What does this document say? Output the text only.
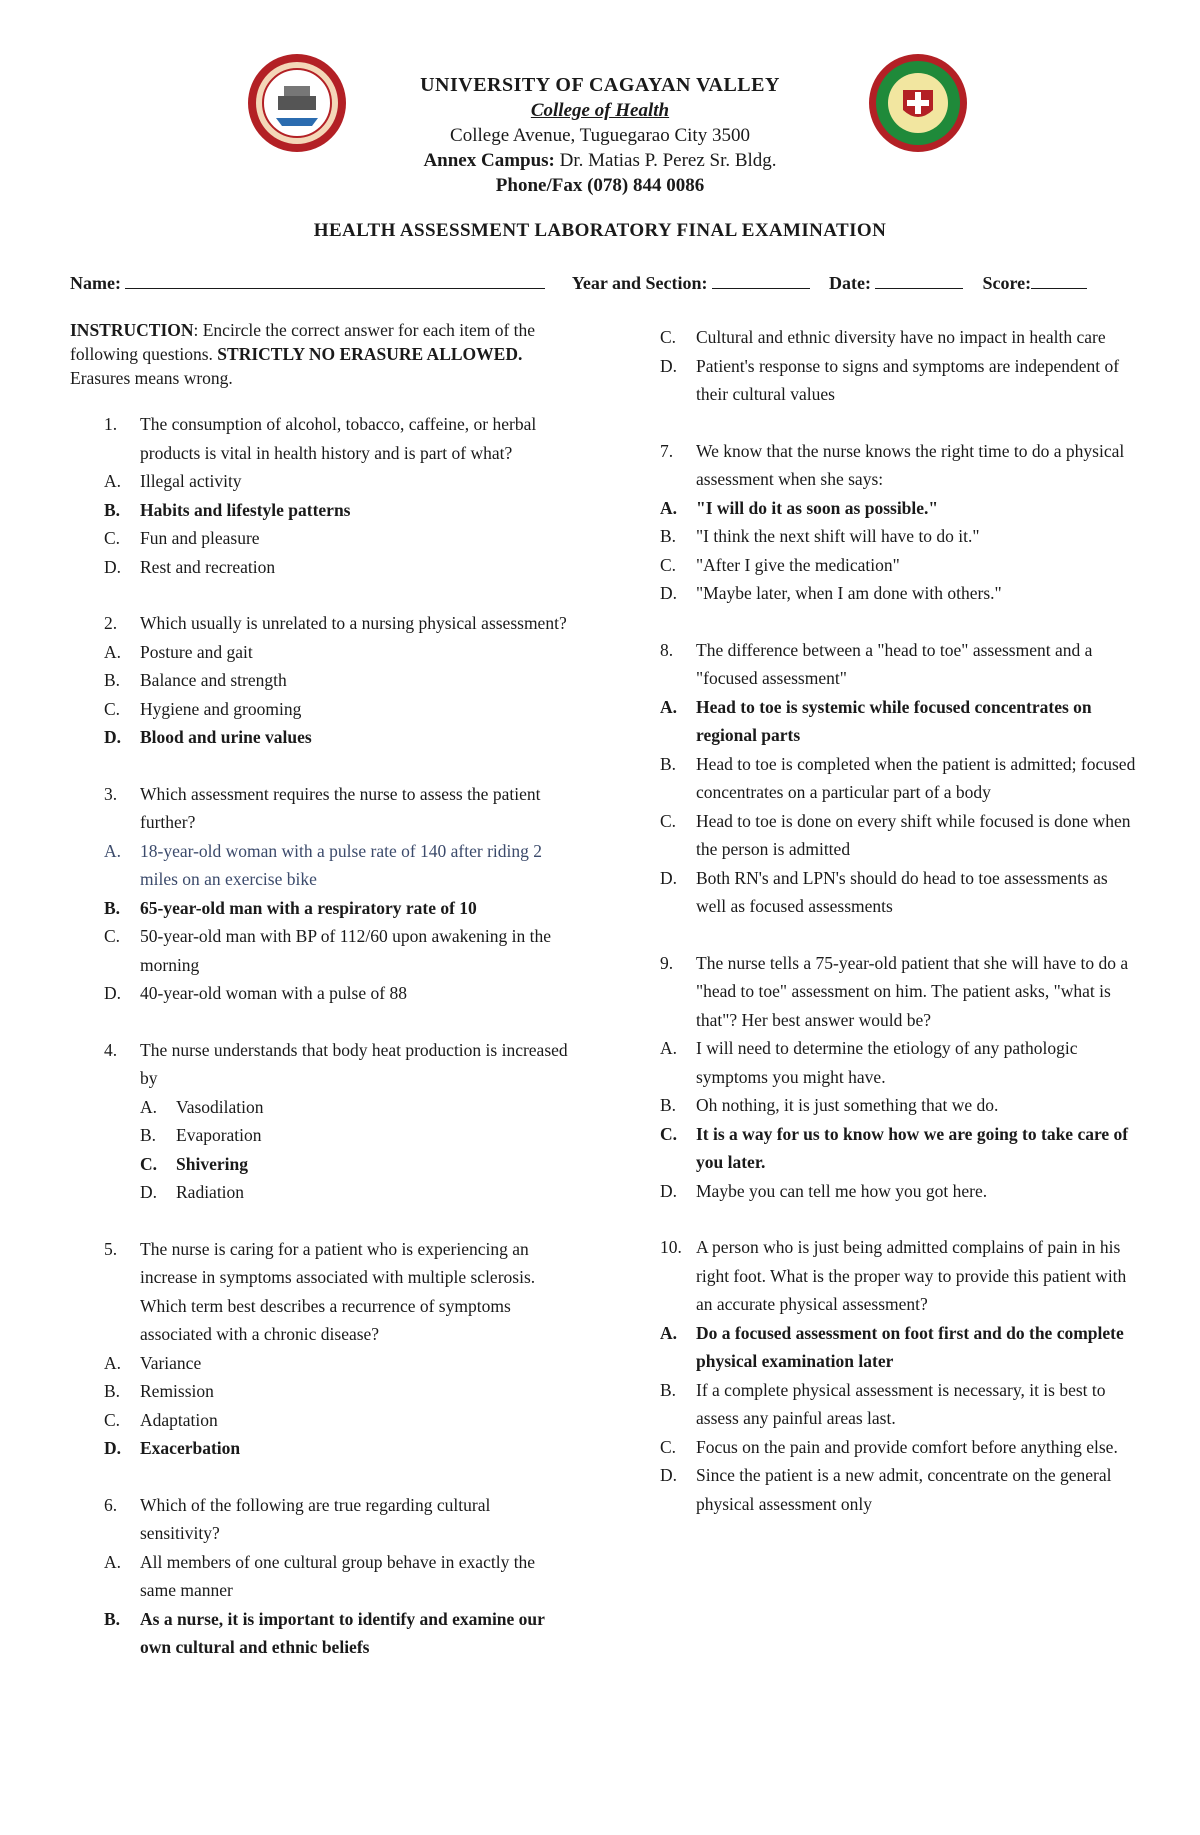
UNIVERSITY OF CAGAYAN VALLEY
College of Health
College Avenue, Tuguegarao City 3500
Annex Campus: Dr. Matias P. Perez Sr. Bldg.
Phone/Fax (078) 844 0086
HEALTH ASSESSMENT LABORATORY FINAL EXAMINATION
Name:	Year and Section:	Date:	Score:
INSTRUCTION: Encircle the correct answer for each item of the following questions. STRICTLY NO ERASURE ALLOWED. Erasures means wrong.
1.	The consumption of alcohol, tobacco, caffeine, or herbal products is vital in health history and is part of what?
A.	Illegal activity
B.	Habits and lifestyle patterns
C.	Fun and pleasure
D.	Rest and recreation
2.	Which usually is unrelated to a nursing physical assessment?
A.	Posture and gait
B.	Balance and strength
C.	Hygiene and grooming
D.	Blood and urine values
3.	Which assessment requires the nurse to assess the patient further?
A.	18-year-old woman with a pulse rate of 140 after riding 2 miles on an exercise bike
B.	65-year-old man with a respiratory rate of 10
C.	50-year-old man with BP of 112/60 upon awakening in the morning
D.	40-year-old woman with a pulse of 88
4.	The nurse understands that body heat production is increased by
A.	Vasodilation
B.	Evaporation
C.	Shivering
D.	Radiation
5.	The nurse is caring for a patient who is experiencing an increase in symptoms associated with multiple sclerosis. Which term best describes a recurrence of symptoms associated with a chronic disease?
A.	Variance
B.	Remission
C.	Adaptation
D.	Exacerbation
6.	Which of the following are true regarding cultural sensitivity?
A.	All members of one cultural group behave in exactly the same manner
B.	As a nurse, it is important to identify and examine our own cultural and ethnic beliefs
C.	Cultural and ethnic diversity have no impact in health care
D.	Patient's response to signs and symptoms are independent of their cultural values
7.	We know that the nurse knows the right time to do a physical assessment when she says:
A.	"I will do it as soon as possible."
B.	"I think the next shift will have to do it."
C.	"After I give the medication"
D.	"Maybe later, when I am done with others."
8.	The difference between a "head to toe" assessment and a "focused assessment"
A.	Head to toe is systemic while focused concentrates on regional parts
B.	Head to toe is completed when the patient is admitted; focused concentrates on a particular part of a body
C.	Head to toe is done on every shift while focused is done when the person is admitted
D.	Both RN's and LPN's should do head to toe assessments as well as focused assessments
9.	The nurse tells a 75-year-old patient that she will have to do a "head to toe" assessment on him. The patient asks, "what is that"? Her best answer would be?
A.	I will need to determine the etiology of any pathologic symptoms you might have.
B.	Oh nothing, it is just something that we do.
C.	It is a way for us to know how we are going to take care of you later.
D.	Maybe you can tell me how you got here.
10. A person who is just being admitted complains of pain in his right foot. What is the proper way to provide this patient with an accurate physical assessment?
A.	Do a focused assessment on foot first and do the complete physical examination later
B.	If a complete physical assessment is necessary, it is best to assess any painful areas last.
C.	Focus on the pain and provide comfort before anything else.
D.	Since the patient is a new admit, concentrate on the general physical assessment only
